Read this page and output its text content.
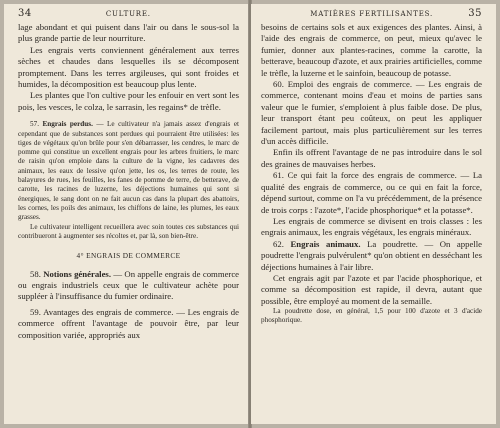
34	CULTURE.

lage abondant et qui puisent dans l'air ou dans le sous-sol la plus grande partie de leur nourriture.

Les engrais verts conviennent généralement aux terres sèches et chaudes dans lesquelles ils se décomposent promptement. Dans les terres argileuses, qui sont froides et humides, la décomposition est beaucoup plus lente.

Les plantes que l'on cultive pour les enfouir en vert sont les pois, les vesces, le colza, le sarrasin, les regains* de trèfle.

57. Engrais perdus. — Le cultivateur n'a jamais assez d'engrais et cependant que de substances sont perdues qui pourraient être utilisées: les tiges de végétaux qu'on brûle pour s'en débarrasser, les cendres, le marc de pomme qui constitue un excellent engrais pour les arbres fruitiers, le marc de raisin qu'on emploie dans la culture de la vigne, les cadavres des animaux, les eaux de lessive qu'on jette, les os, les terres de route, les balayures de rues, les feuilles, les fanes de pomme de terre, de betterave, de carotte, les racines de luzerne, les déjections humaines qui sont si énergiques, le sang dont on ne fait aucun cas dans la plupart des abattoirs, les cornes, les poils des animaux, les chiffons de laine, les plumes, les eaux grasses.

Le cultivateur intelligent recueillera avec soin toutes ces substances qui contribueront à augmenter ses récoltes et, par là, son bien-être.

4° ENGRAIS DE COMMERCE

58. Notions générales. — On appelle engrais de commerce ou engrais industriels ceux que le cultivateur achète pour suppléer à l'insuffisance du fumier ordinaire.

59. Avantages des engrais de commerce. — Les engrais de commerce offrent l'avantage de pouvoir être, par leur composition variée, appropriés aux

MATIÈRES FERTILISANTES.	35

besoins de certains sols et aux exigences des plantes. Ainsi, à l'aide des engrais de commerce, on peut, mieux qu'avec le fumier, donner aux plantes-racines, comme la carotte, la betterave, beaucoup d'azote, et aux prairies artificielles, comme le trèfle, la luzerne et le sainfoin, beaucoup de potasse.

60. Emploi des engrais de commerce. — Les engrais de commerce, contenant moins d'eau et moins de parties sans valeur que le fumier, s'emploient à plus faible dose. De plus, leur transport étant peu coûteux, on peut les appliquer facilement partout, mais plus particulièrement sur les terres d'un accès difficile.

Enfin ils offrent l'avantage de ne pas introduire dans le sol des graines de mauvaises herbes.

61. Ce qui fait la force des engrais de commerce. — La qualité des engrais de commerce, ou ce qui en fait la force, dépend surtout, comme on l'a vu précédemment, de la présence de trois corps : l'azote*, l'acide phosphorique* et la potasse*.

Les engrais de commerce se divisent en trois classes : les engrais animaux, les engrais végétaux, les engrais minéraux.

62. Engrais animaux. La poudrette. — On appelle poudrette l'engrais pulvérulent* qu'on obtient en desséchant les déjections humaines à l'air libre.

Cet engrais agit par l'azote et par l'acide phosphorique, et comme sa décomposition est rapide, il devra, autant que possible, être employé au moment de la semaille.

La poudrette dose, en général, 1,5 pour 100 d'azote et 3 d'acide phosphorique.
